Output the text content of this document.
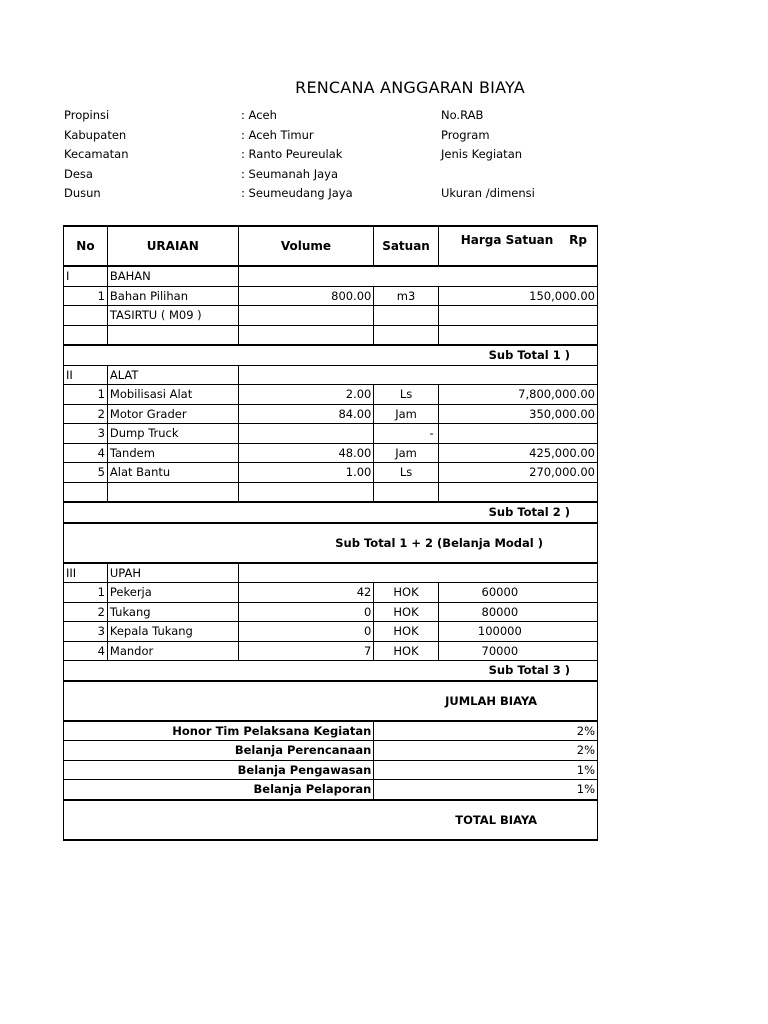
RENCANA ANGGARAN BIAYA
Propinsi	: Aceh	No.RAB
Kabupaten	: Aceh Timur	Program
Kecamatan	: Ranto Peureulak	Jenis Kegiatan
Desa	: Seumanah Jaya
Dusun	: Seumeudang Jaya	Ukuran /dimensi
No	URAIAN	Volume	Satuan	Harga Satuan Rp

I	BAHAN			
1	Bahan Pilihan	800.00	m3	150,000.00
	TASIRTU ( M09 )			

Sub Total 1 )				
II	ALAT			
1	Mobilisasi Alat	2.00	Ls	7,800,000.00
2	Motor Grader	84.00	Jam	350,000.00
3	Dump Truck		-	
4	Tandem	48.00	Jam	425,000.00
5	Alat Bantu	1.00	Ls	270,000.00

Sub Total 2 )				
Sub Total 1 + 2 (Belanja Modal )				
III	UPAH			
1	Pekerja	42	HOK	60000
2	Tukang	0	HOK	80000
3	Kepala Tukang	0	HOK	100000
4	Mandor	7	HOK	70000
Sub Total 3 )				
JUMLAH BIAYA				
Honor Tim Pelaksana Kegiatan			2%	
Belanja Perencanaan			2%	
Belanja Pengawasan			1%	
Belanja Pelaporan			1%	
TOTAL BIAYA				
